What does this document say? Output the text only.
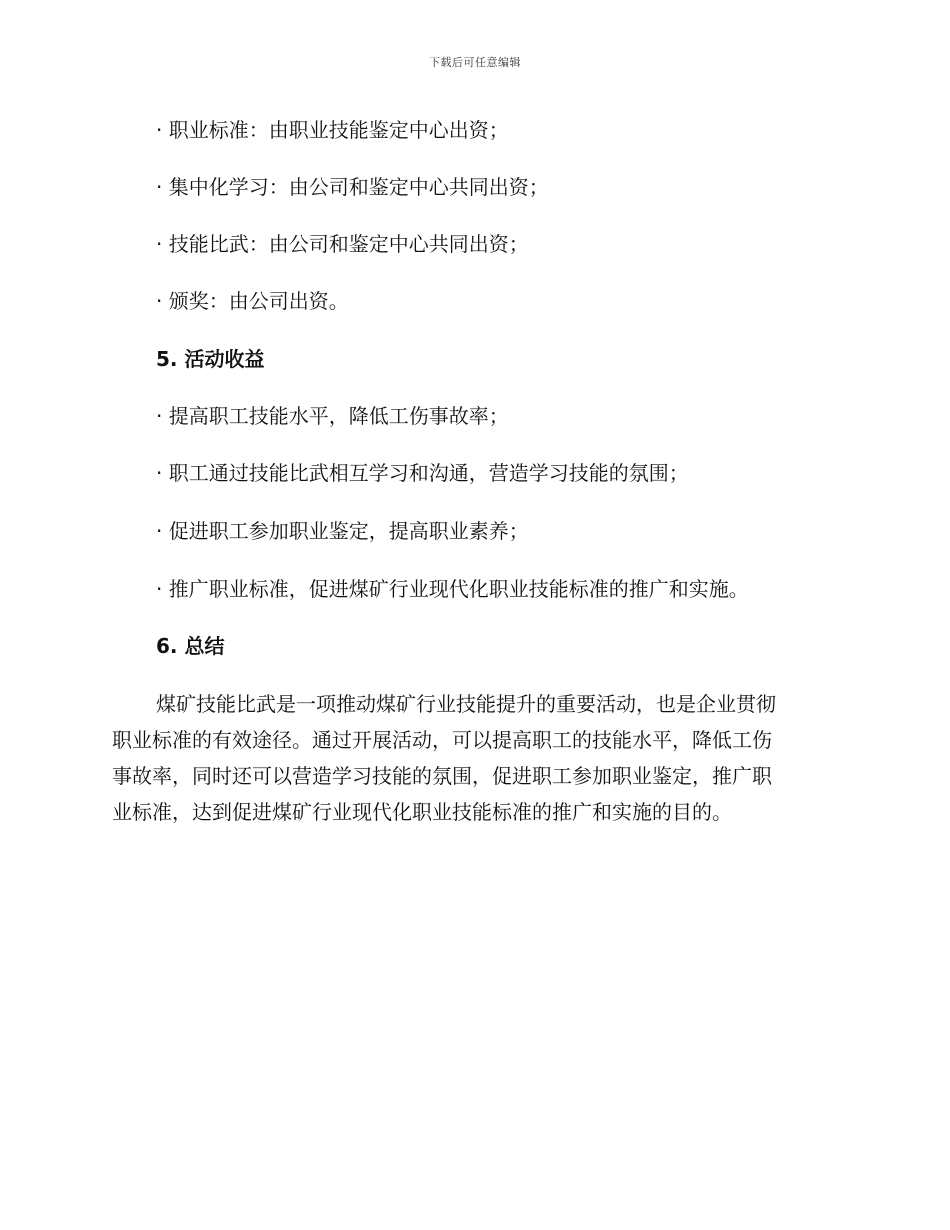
下载后可任意编辑
· 职业标准：由职业技能鉴定中心出资；
· 集中化学习：由公司和鉴定中心共同出资；
· 技能比武：由公司和鉴定中心共同出资；
· 颁奖：由公司出资。
5. 活动收益
· 提高职工技能水平，降低工伤事故率；
· 职工通过技能比武相互学习和沟通，营造学习技能的氛围；
· 促进职工参加职业鉴定，提高职业素养；
· 推广职业标准，促进煤矿行业现代化职业技能标准的推广和实施。
6. 总结
煤矿技能比武是一项推动煤矿行业技能提升的重要活动，也是企业贯彻
职业标准的有效途径。通过开展活动，可以提高职工的技能水平，降低工伤
事故率，同时还可以营造学习技能的氛围，促进职工参加职业鉴定，推广职
业标准，达到促进煤矿行业现代化职业技能标准的推广和实施的目的。
